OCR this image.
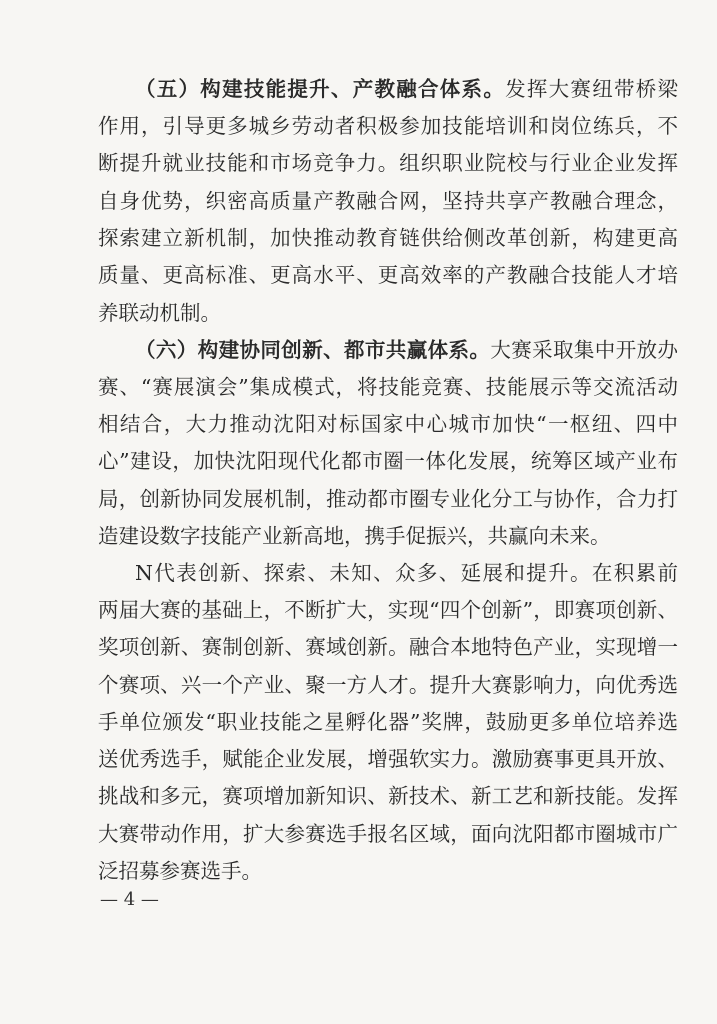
（五）构建技能提升、产教融合体系。发挥大赛纽带桥梁
作用，引导更多城乡劳动者积极参加技能培训和岗位练兵，不
断提升就业技能和市场竞争力。组织职业院校与行业企业发挥
自身优势，织密高质量产教融合网，坚持共享产教融合理念，
探索建立新机制，加快推动教育链供给侧改革创新，构建更高
质量、更高标准、更高水平、更高效率的产教融合技能人才培
养联动机制。
（六）构建协同创新、都市共赢体系。大赛采取集中开放办
赛、“赛展演会”集成模式，将技能竞赛、技能展示等交流活动
相结合，大力推动沈阳对标国家中心城市加快“一枢纽、四中
心”建设，加快沈阳现代化都市圈一体化发展，统筹区域产业布
局，创新协同发展机制，推动都市圈专业化分工与协作，合力打
造建设数字技能产业新高地，携手促振兴，共赢向未来。
N代表创新、探索、未知、众多、延展和提升。在积累前
两届大赛的基础上，不断扩大，实现“四个创新”，即赛项创新、
奖项创新、赛制创新、赛域创新。融合本地特色产业，实现增一
个赛项、兴一个产业、聚一方人才。提升大赛影响力，向优秀选
手单位颁发“职业技能之星孵化器”奖牌，鼓励更多单位培养选
送优秀选手，赋能企业发展，增强软实力。激励赛事更具开放、
挑战和多元，赛项增加新知识、新技术、新工艺和新技能。发挥
大赛带动作用，扩大参赛选手报名区域，面向沈阳都市圈城市广
泛招募参赛选手。
— 4 —
